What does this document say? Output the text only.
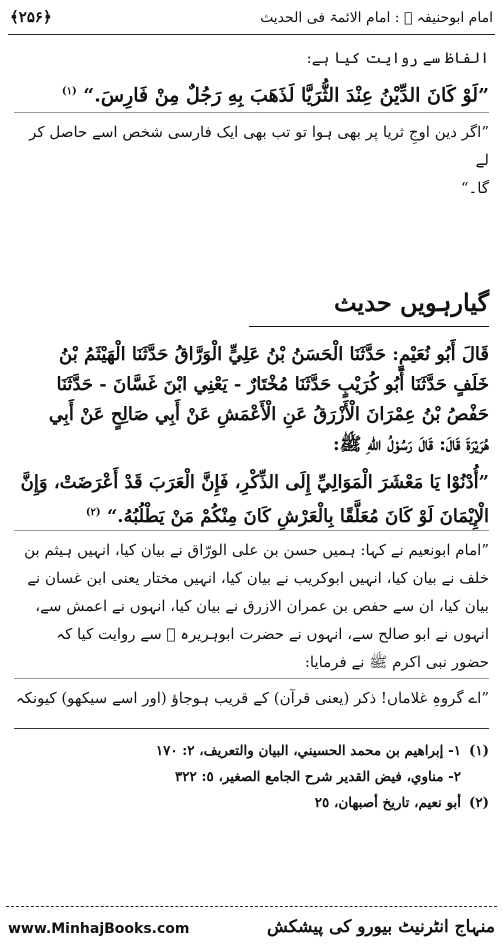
﴾۲۵۶﴿	امام ابوحنیفہ ﷜ : امام الائمۃ فی الحدیث
الفاظ سے روایت کیا ہے:
”لَوْ كَانَ الدِّيْنُ عِنْدَ الثُّرَيَّا لَذَهَبَ بِهِ رَجُلٌ مِنْ فَارِسَ.“ $^{(١)}$
”اگر دین اوجِ ثریا پر بھی ہوا تو تب بھی ایک فارسی شخص اسے حاصل کر لے
گا۔“
گیارہویں حدیث
قَالَ أَبُو نُعَيْمٍ: حَدَّثَنَا الْحَسَنُ بْنُ عَلِيٍّ الْوَرَّاقُ حَدَّثَنَا الْهَيْثَمُ بْنُ
خَلَفٍ حَدَّثَنَا أَبُو كُرَيْبٍ حَدَّثَنَا مُخْتَارٌ - يَعْنِي ابْنَ غَسَّانَ - حَدَّثَنَا
حَفْصُ بْنُ عِمْرَانَ الْأَزْرَقُ عَنِ الْأَعْمَشِ عَنْ أَبِي صَالِحٍ عَنْ أَبِي
هُرَيْرَةَ قَالَ: قَالَ رَسُوْلُ اللهِ ﷺ:
”أُدْنُوْا يَا مَعْشَرَ الْمَوَالِيِّ إِلَى الذِّكْرِ، فَإِنَّ الْعَرَبَ قَدْ أَعْرَضَتْ، وَإِنَّ
الْإِيْمَانَ لَوْ كَانَ مُعَلَّقًا بِالْعَرْشِ كَانَ مِنْكُمْ مَنْ يَطْلُبُهُ.“ $^{(٢)}$
”امام ابونعیم نے کہا: ہمیں حسن بن علی الورّاق نے بیان کیا، انہیں ہیثم بن
خلف نے بیان کیا، انہیں ابوکریب نے بیان کیا، انہیں مختار یعنی ابن غسان نے
بیان کیا، ان سے حفص بن عمران الازرق نے بیان کیا، انہوں نے اعمش سے،
انہوں نے ابو صالح سے، انہوں نے حضرت ابوہریرہ ﷜ سے روایت کیا کہ
حضور نبی اکرم ﷺ نے فرمایا:
”اے گروہِ غلاماں! ذکر (یعنی قرآن) کے قریب ہوجاؤ (اور اسے سیکھو) کیونکہ
(١)١- إبراهيم بن محمد الحسيني، البيان والتعريف، ٢: ١٧٠
٢- مناوي، فيض القدير شرح الجامع الصغير، ٥: ٣٢٢
(٢)أبو نعيم، تاريخ أصبهان، ٢٥
www.MinhajBooks.com	منہاج انٹرنیٹ بیورو کی پیشکش
